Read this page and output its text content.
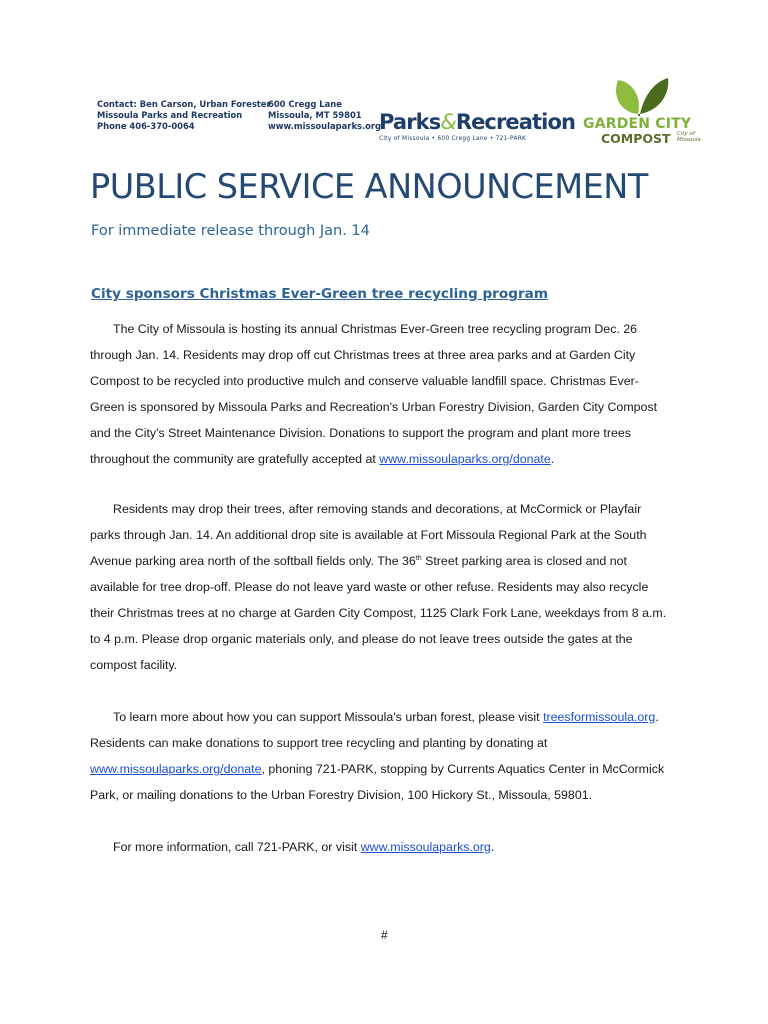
Contact: Ben Carson, Urban Forester
Missoula Parks and Recreation
Phone 406-370-0064
600 Cregg Lane
Missoula, MT 59801
www.missoulaparks.org
Parks&Recreation
City of Missoula • 600 Cregg Lane • 721-PARK
GARDEN CITY
COMPOST City of
Missoula
PUBLIC SERVICE ANNOUNCEMENT
For immediate release through Jan. 14
City sponsors Christmas Ever-Green tree recycling program
The City of Missoula is hosting its annual Christmas Ever-Green tree recycling program Dec. 26
through Jan. 14. Residents may drop off cut Christmas trees at three area parks and at Garden City
Compost to be recycled into productive mulch and conserve valuable landfill space. Christmas Ever-
Green is sponsored by Missoula Parks and Recreation's Urban Forestry Division, Garden City Compost
and the City's Street Maintenance Division. Donations to support the program and plant more trees
throughout the community are gratefully accepted at www.missoulaparks.org/donate.
Residents may drop their trees, after removing stands and decorations, at McCormick or Playfair
parks through Jan. 14. An additional drop site is available at Fort Missoula Regional Park at the South
Avenue parking area north of the softball fields only. The 36th Street parking area is closed and not
available for tree drop-off. Please do not leave yard waste or other refuse. Residents may also recycle
their Christmas trees at no charge at Garden City Compost, 1125 Clark Fork Lane, weekdays from 8 a.m.
to 4 p.m. Please drop organic materials only, and please do not leave trees outside the gates at the
compost facility.
To learn more about how you can support Missoula's urban forest, please visit treesformissoula.org.
Residents can make donations to support tree recycling and planting by donating at
www.missoulaparks.org/donate, phoning 721-PARK, stopping by Currents Aquatics Center in McCormick
Park, or mailing donations to the Urban Forestry Division, 100 Hickory St., Missoula, 59801.
For more information, call 721-PARK, or visit www.missoulaparks.org.
#
